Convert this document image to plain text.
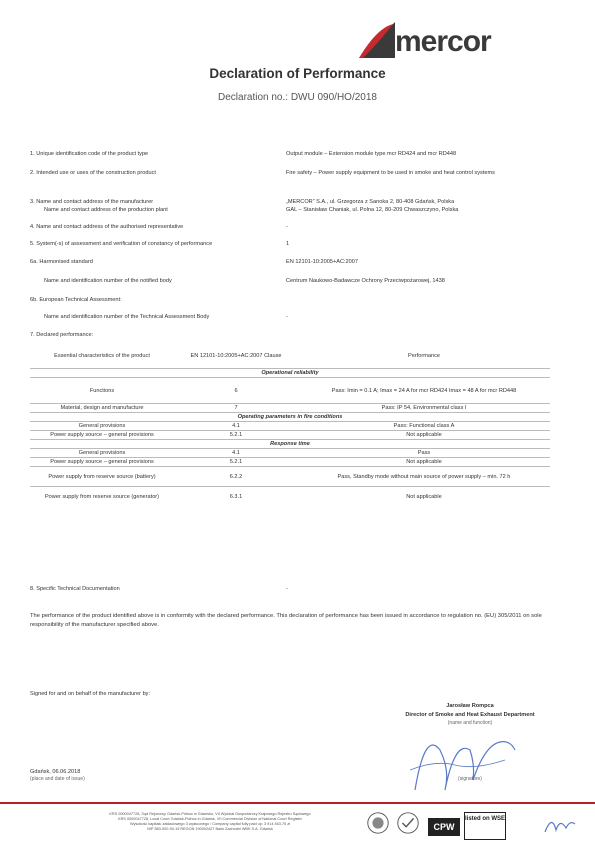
mercor
Declaration of Performance
Declaration no.: DWU 090/HO/2018
1. Unique identification code of the product type	Output module – Extension module type mcr RD424 and mcr RD448
2. Intended use or uses of the construction product	Fire safety – Power supply equipment to be used in smoke and heat control systems
3. Name and contact address of the manufacturer
Name and contact address of the production plant
„MERCOR” S.A., ul. Grzegorza z Sanoka 2, 80-408 Gdańsk, Polska
GAL – Stanisław Chaniak, ul. Polna 12, 80-209 Chwaszczyno, Polska
4. Name and contact address of the authorised representative	-
5. System(-s) of assessment and verification of constancy of performance	1
6a. Harmonised standard	EN 12101-10:2005+AC:2007
Name and identification number of the notified body	Centrum Naukowo-Badawcze Ochrony Przeciwpożarowej, 1438
6b. European Technical Assessment:
Name and identification number of the Technical Assessment Body	-
7. Declared performance:
Essential characteristics of the product	EN 12101-10:2005+AC:2007 Clause	Performance
Operational reliability		
Functions	6	Pass: Imin = 0.1 A; Imax = 24 A for mcr RD424 Imax = 48 A for mcr RD448
Material, design and manufacture	7	Pass: IP 54, Environmental class I
Operating parameters in fire conditions		
General provisions	4.1	Pass: Functional class A
Power supply source – general provisions	5.2.1	Not applicable
Response time		
General provisions	4.1	Pass
Power supply source – general provisions	5.2.1	Not applicable
Power supply from reserve source (battery)	6.2.2	Pass, Standby mode without main source of power supply – min. 72 h
Power supply from reserve source (generator)	6.3.1	Not applicable
8. Specific Technical Documentation	-
The performance of the product identified above is in conformity with the declared performance. This declaration of performance has been issued in accordance to regulation no. (EU) 305/2011 on sole responsibility of the manufacturer specified above.
Signed for and on behalf of the manufacturer by:
Jarosław Rompca
Director of Smoke and Heat Exhaust Department
(name and function)
Gdańsk, 06.06.2018
(place and date of issue)	(signature)
KRS 0000047728, Sąd Rejonowy Gdańsk-Północ w Gdańsku, VII Wydział Gospodarczy Krajowego Rejestru Sądowego
KRS 0000047728, Local Court Gdańsk-Północ in Gdańsk, VII Commercial Division of National Court Register
Wysokość kapitału zakładowego 3 wpłaconego / Company capital fully paid up: 3 914 463,75 zł
NIP 583-000-90-19 REGON 190002427 Bank Zachodni WBK S.A. Gdańsk	CPW
listed on WSE
